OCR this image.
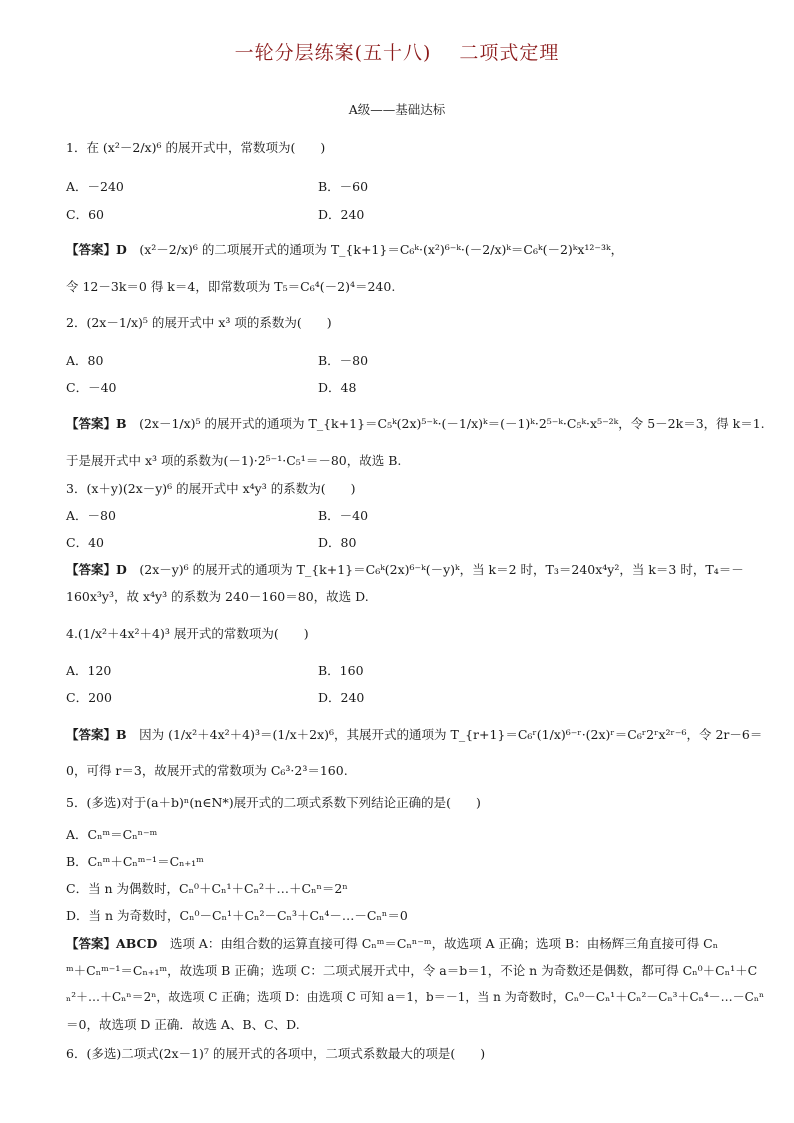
一轮分层练案(五十八) 二项式定理
A级——基础达标
1．在 (x²－2/x)⁶ 的展开式中，常数项为(　　)
A．－240	B．－60
C．60	D．240
【答案】D　 (x²－2/x)⁶ 的二项展开式的通项为 T_{k+1}＝C₆ᵏ·(x²)⁶⁻ᵏ·(－2/x)ᵏ＝C₆ᵏ(－2)ᵏx¹²⁻³ᵏ，
令 12－3k＝0 得 k＝4，即常数项为 T₅＝C₆⁴(－2)⁴＝240.
2．(2x－1/x)⁵ 的展开式中 x³ 项的系数为(　　)
A．80	B．－80
C．－40	D．48
【答案】B　 (2x－1/x)⁵ 的展开式的通项为 T_{k+1}＝C₅ᵏ(2x)⁵⁻ᵏ·(－1/x)ᵏ＝(－1)ᵏ·2⁵⁻ᵏ·C₅ᵏ·x⁵⁻²ᵏ，令 5－2k＝3，得 k＝1.
于是展开式中 x³ 项的系数为(－1)·2⁵⁻¹·C₅¹＝－80，故选 B.
3．(x＋y)(2x－y)⁶ 的展开式中 x⁴y³ 的系数为(　　)
A．－80	B．－40
C．40	D．80
【答案】D　 (2x－y)⁶ 的展开式的通项为 T_{k+1}＝C₆ᵏ(2x)⁶⁻ᵏ(－y)ᵏ，当 k＝2 时，T₃＝240x⁴y²，当 k＝3 时，T₄＝－
160x³y³，故 x⁴y³ 的系数为 240－160＝80，故选 D.
4.(1/x²＋4x²＋4)³ 展开式的常数项为(　　)
A．120	B．160
C．200	D．240
【答案】B　 因为 (1/x²＋4x²＋4)³＝(1/x＋2x)⁶，其展开式的通项为 T_{r+1}＝C₆ʳ(1/x)⁶⁻ʳ·(2x)ʳ＝C₆ʳ2ʳx²ʳ⁻⁶，令 2r－6＝
0，可得 r＝3，故展开式的常数项为 C₆³·2³＝160.
5．(多选)对于(a＋b)ⁿ(n∈N*)展开式的二项式系数下列结论正确的是(　　)
A．Cₙᵐ＝Cₙⁿ⁻ᵐ
B．Cₙᵐ＋Cₙᵐ⁻¹＝Cₙ₊₁ᵐ
C．当 n 为偶数时，Cₙ⁰＋Cₙ¹＋Cₙ²＋…＋Cₙⁿ＝2ⁿ
D．当 n 为奇数时，Cₙ⁰－Cₙ¹＋Cₙ²－Cₙ³＋Cₙ⁴－…－Cₙⁿ＝0
【答案】ABCD　 选项 A：由组合数的运算直接可得 Cₙᵐ＝Cₙⁿ⁻ᵐ，故选项 A 正确；选项 B：由杨辉三角直接可得 Cₙ
ᵐ＋Cₙᵐ⁻¹＝Cₙ₊₁ᵐ，故选项 B 正确；选项 C：二项式展开式中，令 a＝b＝1，不论 n 为奇数还是偶数，都可得 Cₙ⁰＋Cₙ¹＋C
ₙ²＋…＋Cₙⁿ＝2ⁿ，故选项 C 正确；选项 D：由选项 C 可知 a＝1，b＝－1，当 n 为奇数时，Cₙ⁰－Cₙ¹＋Cₙ²－Cₙ³＋Cₙ⁴－…－Cₙⁿ
＝0，故选项 D 正确．故选 A、B、C、D.
6．(多选)二项式(2x－1)⁷ 的展开式的各项中，二项式系数最大的项是(　　)
